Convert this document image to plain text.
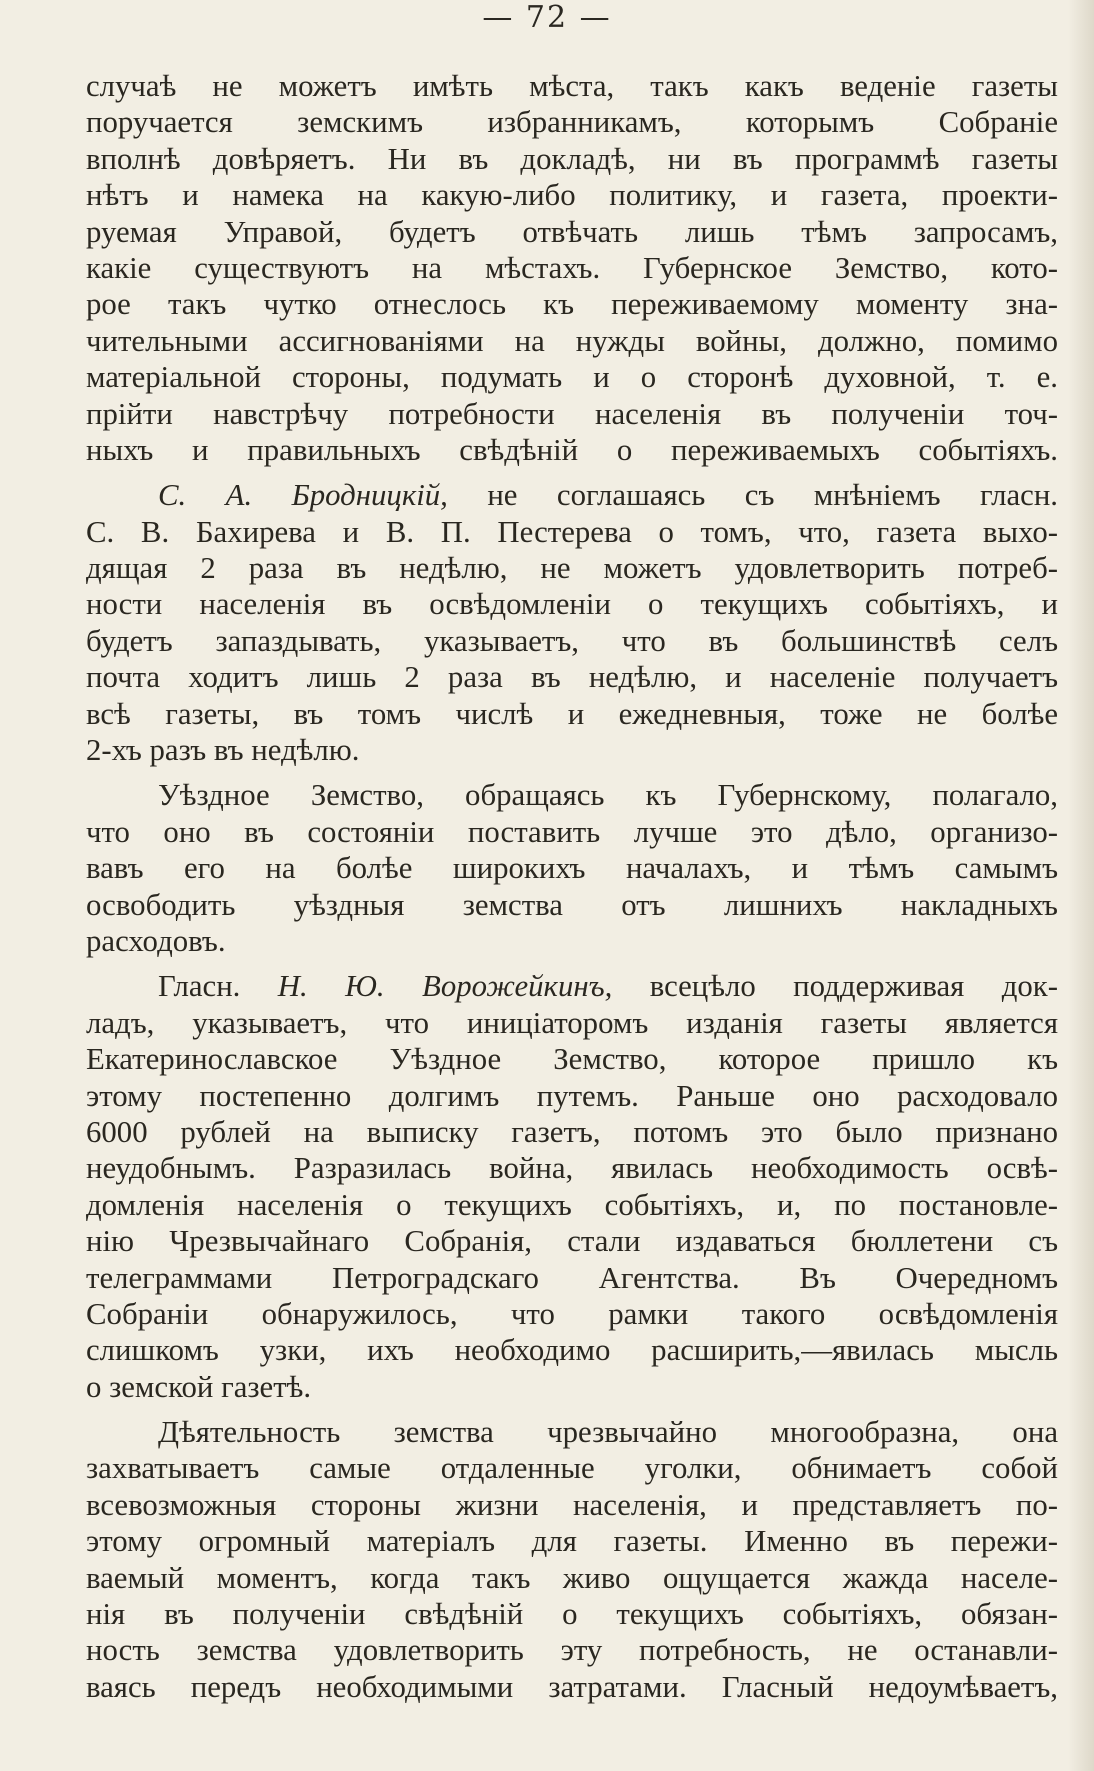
— 72 —
случаѣ не можетъ имѣть мѣста, такъ какъ веденіе газеты
поручается земскимъ избранникамъ, которымъ Собраніе
вполнѣ довѣряетъ. Ни въ докладѣ, ни въ программѣ газеты
нѣтъ и намека на какую-либо политику, и газета, проекти-
руемая Управой, будетъ отвѣчать лишь тѣмъ запросамъ,
какіе существуютъ на мѣстахъ. Губернское Земство, кото-
рое такъ чутко отнеслось къ переживаемому моменту зна-
чительными ассигнованіями на нужды войны, должно, помимо
матеріальной стороны, подумать и о сторонѣ духовной, т. е.
прійти навстрѣчу потребности населенія въ полученіи точ-
ныхъ и правильныхъ свѣдѣній о переживаемыхъ событіяхъ.
С. А. Бродницкій, не соглашаясь съ мнѣніемъ гласн.
С. В. Бахирева и В. П. Пестерева о томъ, что, газета выхо-
дящая 2 раза въ недѣлю, не можетъ удовлетворить потреб-
ности населенія въ освѣдомленіи о текущихъ событіяхъ, и
будетъ запаздывать, указываетъ, что въ большинствѣ селъ
почта ходитъ лишь 2 раза въ недѣлю, и населеніе получаетъ
всѣ газеты, въ томъ числѣ и ежедневныя, тоже не болѣе
2-хъ разъ въ недѣлю.
Уѣздное Земство, обращаясь къ Губернскому, полагало,
что оно въ состояніи поставить лучше это дѣло, организо-
вавъ его на болѣе широкихъ началахъ, и тѣмъ самымъ
освободить уѣздныя земства отъ лишнихъ накладныхъ
расходовъ.
Гласн. Н. Ю. Ворожейкинъ, всецѣло поддерживая док-
ладъ, указываетъ, что иниціаторомъ изданія газеты является
Екатеринославское Уѣздное Земство, которое пришло къ
этому постепенно долгимъ путемъ. Раньше оно расходовало
6000 рублей на выписку газетъ, потомъ это было признано
неудобнымъ. Разразилась война, явилась необходимость освѣ-
домленія населенія о текущихъ событіяхъ, и, по постановле-
нію Чрезвычайнаго Собранія, стали издаваться бюллетени съ
телеграммами Петроградскаго Агентства. Въ Очередномъ
Собраніи обнаружилось, что рамки такого освѣдомленія
слишкомъ узки, ихъ необходимо расширить,—явилась мысль
о земской газетѣ.
Дѣятельность земства чрезвычайно многообразна, она
захватываетъ самые отдаленные уголки, обнимаетъ собой
всевозможныя стороны жизни населенія, и представляетъ по-
этому огромный матеріалъ для газеты. Именно въ пережи-
ваемый моментъ, когда такъ живо ощущается жажда населе-
нія въ полученіи свѣдѣній о текущихъ событіяхъ, обязан-
ность земства удовлетворить эту потребность, не останавли-
ваясь передъ необходимыми затратами. Гласный недоумѣваетъ,
